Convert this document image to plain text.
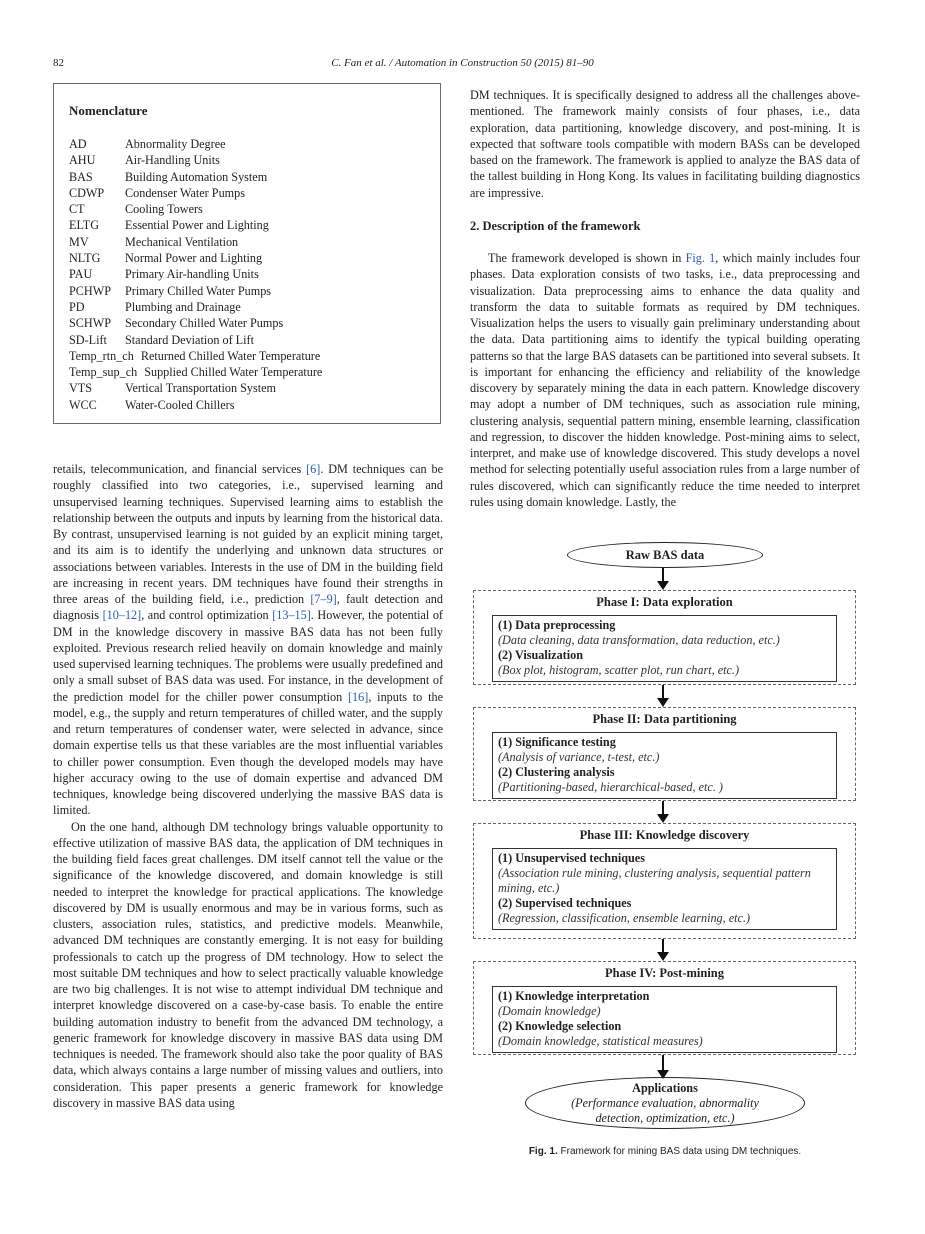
82	C. Fan et al. / Automation in Construction 50 (2015) 81–90
Nomenclature
AD	Abnormality Degree
AHU	Air-Handling Units
BAS	Building Automation System
CDWP	Condenser Water Pumps
CT	Cooling Towers
ELTG	Essential Power and Lighting
MV	Mechanical Ventilation
NLTG	Normal Power and Lighting
PAU	Primary Air-handling Units
PCHWP	Primary Chilled Water Pumps
PD	Plumbing and Drainage
SCHWP	Secondary Chilled Water Pumps
SD-Lift	Standard Deviation of Lift
Temp_rtn_ch Returned Chilled Water Temperature
Temp_sup_ch Supplied Chilled Water Temperature
VTS	Vertical Transportation System
WCC	Water-Cooled Chillers

retails, telecommunication, and financial services [6]. DM techniques can be roughly classified into two categories, i.e., supervised learning and unsupervised learning techniques. Supervised learning aims to establish the relationship between the outputs and inputs by learning from the historical data. By contrast, unsupervised learning is not guided by an explicit mining target, and its aim is to identify the underlying and unknown data structures or associations between variables. Interests in the use of DM in the building field are increasing in recent years. DM techniques have found their strengths in three areas of the building field, i.e., prediction [7–9], fault detection and diagnosis [10–12], and control optimization [13–15]. However, the potential of DM in the knowledge discovery in massive BAS data has not been fully exploited. Previous research relied heavily on domain knowledge and mainly used supervised learning techniques. The problems were usually predefined and only a small subset of BAS data was used. For instance, in the development of the prediction model for the chiller power consumption [16], inputs to the model, e.g., the supply and return temperatures of chilled water, and the supply and return temperatures of condenser water, were selected in advance, since domain expertise tells us that these variables are the most influential variables to chiller power consumption. Even though the developed models may have higher accuracy owing to the use of domain expertise and advanced DM techniques, knowledge being discovered underlying the massive BAS data is limited.

On the one hand, although DM technology brings valuable opportunity to effective utilization of massive BAS data, the application of DM techniques in the building field faces great challenges. DM itself cannot tell the value or the significance of the knowledge discovered, and domain knowledge is still needed to interpret the knowledge for practical applications. The knowledge discovered by DM is usually enormous and may be in various forms, such as clusters, association rules, statistics, and predictive models. Meanwhile, advanced DM techniques are constantly emerging. It is not easy for building professionals to catch up the progress of DM technology. How to select the most suitable DM techniques and how to select practically valuable knowledge are two big challenges. It is not wise to attempt individual DM technique and interpret knowledge discovered on a case-by-case basis. To enable the entire building automation industry to benefit from the advanced DM technology, a generic framework for knowledge discovery in massive BAS data using DM techniques is needed. The framework should also take the poor quality of BAS data, which always contains a large number of missing values and outliers, into consideration. This paper presents a generic framework for knowledge discovery in massive BAS data using

DM techniques. It is specifically designed to address all the challenges above-mentioned. The framework mainly consists of four phases, i.e., data exploration, data partitioning, knowledge discovery, and post-mining. It is expected that software tools compatible with modern BASs can be developed based on the framework. The framework is applied to analyze the BAS data of the tallest building in Hong Kong. Its values in facilitating building diagnostics are impressive.

2. Description of the framework

The framework developed is shown in Fig. 1, which mainly includes four phases. Data exploration consists of two tasks, i.e., data preprocessing and visualization. Data preprocessing aims to enhance the data quality and transform the data to suitable formats as required by DM techniques. Visualization helps the users to visually gain preliminary understanding about the data. Data partitioning aims to identify the typical building operating patterns so that the large BAS datasets can be partitioned into several subsets. It is important for enhancing the efficiency and reliability of the knowledge discovery by separately mining the data in each pattern. Knowledge discovery may adopt a number of DM techniques, such as association rule mining, clustering analysis, sequential pattern mining, ensemble learning, classification and regression, to discover the hidden knowledge. Post-mining aims to select, interpret, and make use of knowledge discovered. This study develops a novel method for selecting potentially useful association rules from a large number of rules discovered, which can significantly reduce the time needed to interpret rules using domain knowledge. Lastly, the

Raw BAS data
Phase I: Data exploration
(1) Data preprocessing
(Data cleaning, data transformation, data reduction, etc.)
(2) Visualization
(Box plot, histogram, scatter plot, run chart, etc.)
Phase II: Data partitioning
(1) Significance testing
(Analysis of variance, t-test, etc.)
(2) Clustering analysis
(Partitioning-based, hierarchical-based, etc. )
Phase III: Knowledge discovery
(1) Unsupervised techniques
(Association rule mining, clustering analysis, sequential pattern mining, etc.)
(2) Supervised techniques
(Regression, classification, ensemble learning, etc.)
Phase IV: Post-mining
(1) Knowledge interpretation
(Domain knowledge)
(2) Knowledge selection
(Domain knowledge, statistical measures)
Applications
(Performance evaluation, abnormality detection, optimization, etc.)
Fig. 1. Framework for mining BAS data using DM techniques.
